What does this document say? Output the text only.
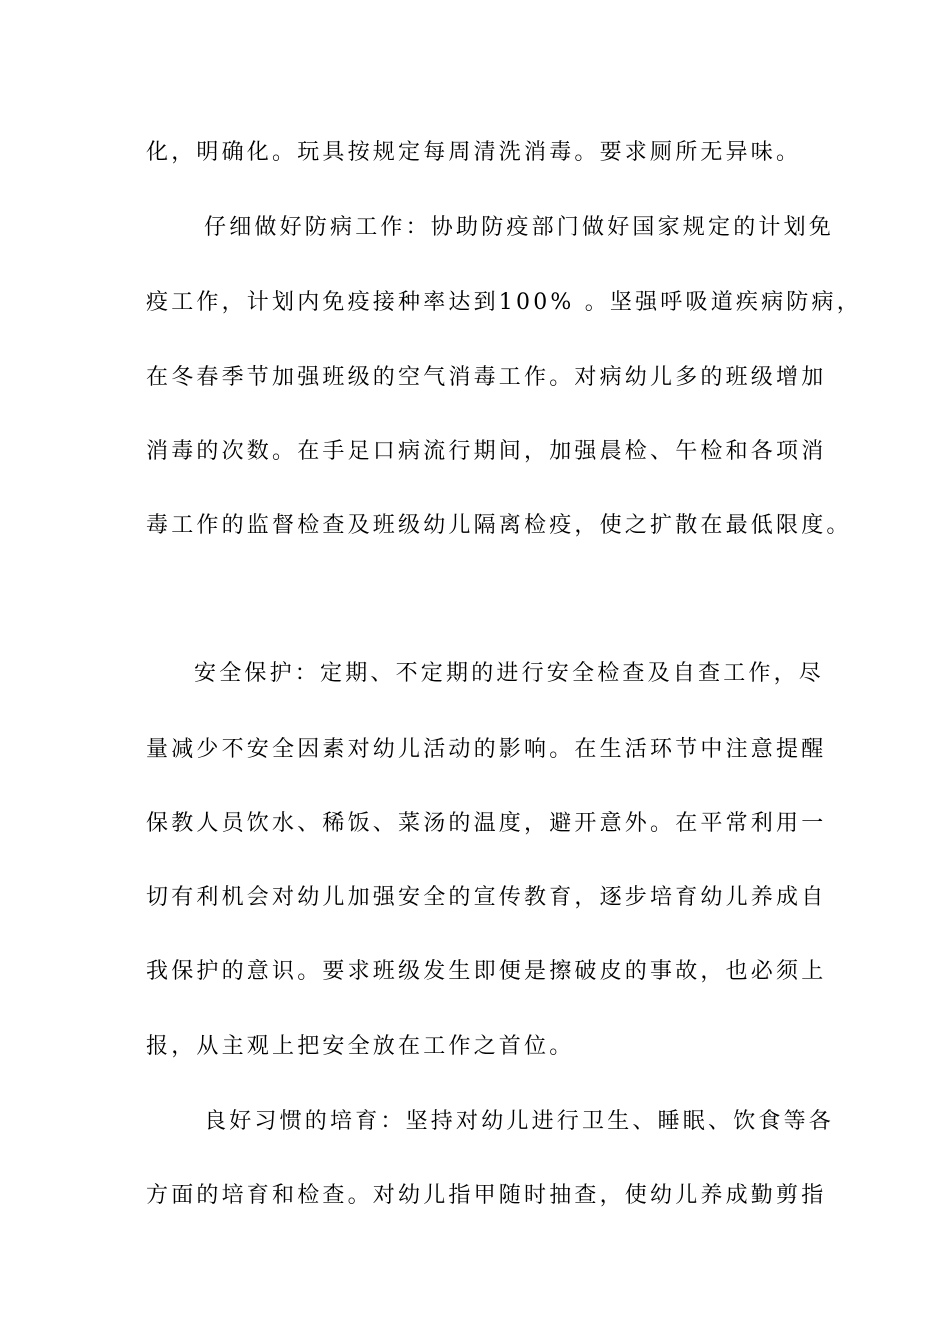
化，明确化。玩具按规定每周清洗消毒。要求厕所无异味。
仔细做好防病工作：协助防疫部门做好国家规定的计划免
疫工作，计划内免疫接种率达到100% 。坚强呼吸道疾病防病，
在冬春季节加强班级的空气消毒工作。对病幼儿多的班级增加
消毒的次数。在手足口病流行期间，加强晨检、午检和各项消
毒工作的监督检查及班级幼儿隔离检疫，使之扩散在最低限度。
安全保护：定期、不定期的进行安全检查及自查工作，尽
量减少不安全因素对幼儿活动的影响。在生活环节中注意提醒
保教人员饮水、稀饭、菜汤的温度，避开意外。在平常利用一
切有利机会对幼儿加强安全的宣传教育，逐步培育幼儿养成自
我保护的意识。要求班级发生即便是擦破皮的事故，也必须上
报，从主观上把安全放在工作之首位。
良好习惯的培育：坚持对幼儿进行卫生、睡眠、饮食等各
方面的培育和检查。对幼儿指甲随时抽查，使幼儿养成勤剪指
